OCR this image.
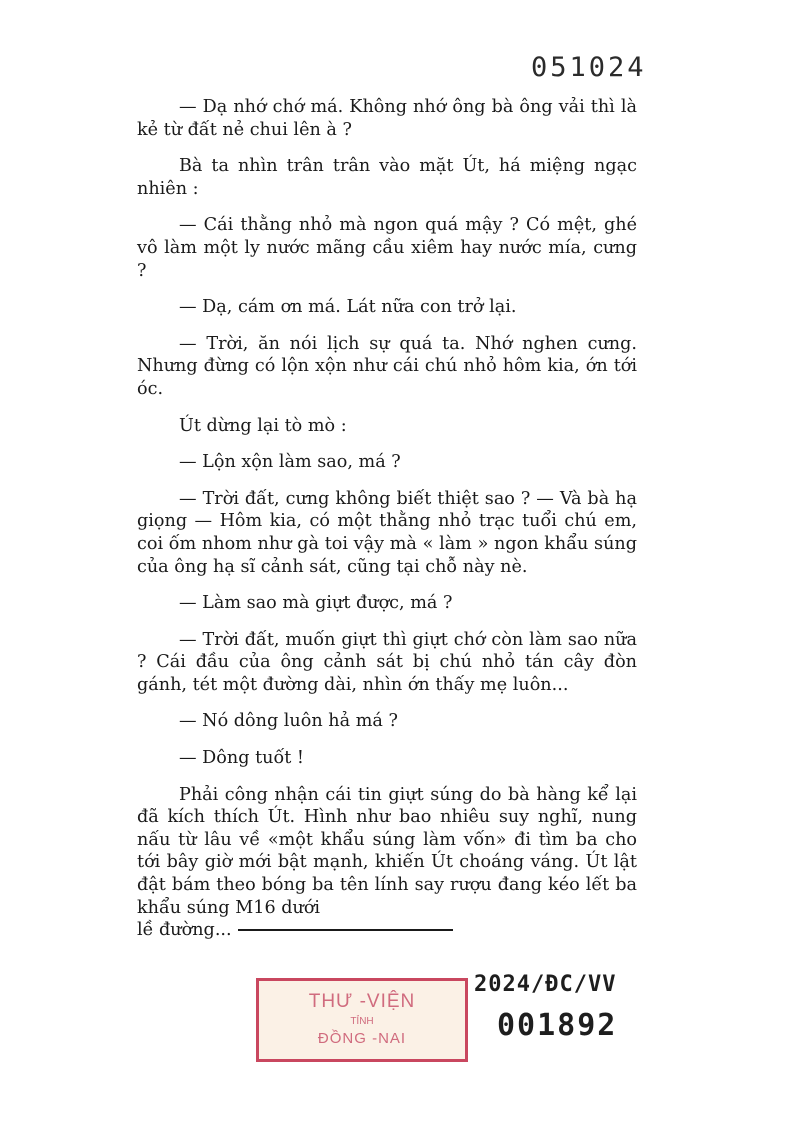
051024

— Dạ nhớ chớ má. Không nhớ ông bà ông vải thì là kẻ từ đất nẻ chui lên à ?

Bà ta nhìn trân trân vào mặt Út, há miệng ngạc nhiên :

— Cái thằng nhỏ mà ngon quá mậy ? Có mệt, ghé vô làm một ly nước mãng cầu xiêm hay nước mía, cưng ?

— Dạ, cám ơn má. Lát nữa con trở lại.

— Trời, ăn nói lịch sự quá ta. Nhớ nghen cưng. Nhưng đừng có lộn xộn như cái chú nhỏ hôm kia, ớn tới óc.

Út dừng lại tò mò :

— Lộn xộn làm sao, má ?

— Trời đất, cưng không biết thiệt sao ? — Và bà hạ giọng — Hôm kia, có một thằng nhỏ trạc tuổi chú em, coi ốm nhom như gà toi vậy mà « làm » ngon khẩu súng của ông hạ sĩ cảnh sát, cũng tại chỗ này nè.

— Làm sao mà giựt được, má ?

— Trời đất, muốn giựt thì giựt chớ còn làm sao nữa ? Cái đầu của ông cảnh sát bị chú nhỏ tán cây đòn gánh, tét một đường dài, nhìn ớn thấy mẹ luôn...

— Nó dông luôn hả má ?

— Dông tuốt !

Phải công nhận cái tin giựt súng do bà hàng kể lại đã kích thích Út. Hình như bao nhiêu suy nghĩ, nung nấu từ lâu về «một khẩu súng làm vốn» đi tìm ba cho tới bây giờ mới bật mạnh, khiến Út choáng váng. Út lật đật bám theo bóng ba tên lính say rượu đang kéo lết ba khẩu súng M16 dưới

lề đường...
THƯ -VIỆN
TỈNH
ĐỒNG -NAI
2024/ĐC/VV
001892
